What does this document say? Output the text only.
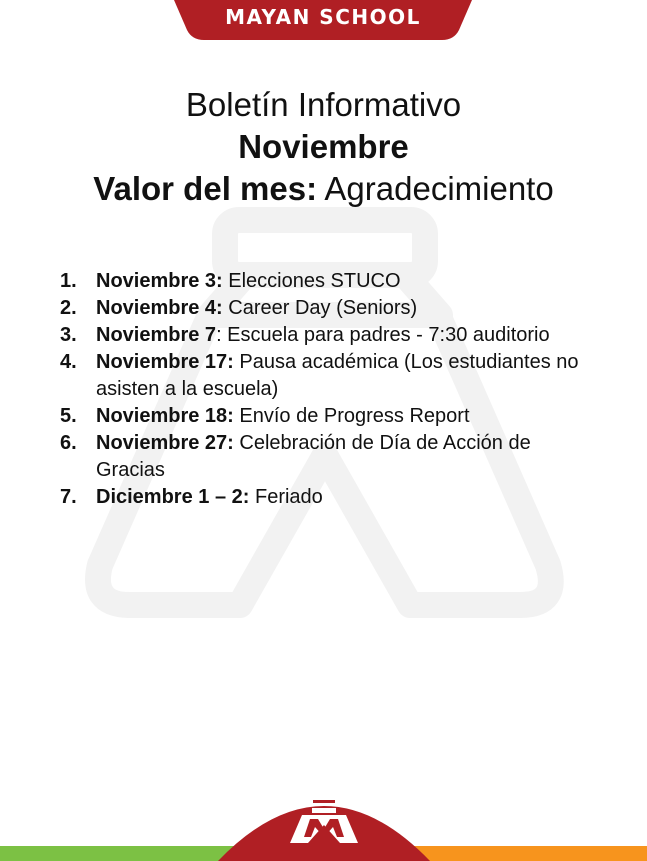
MAYAN SCHOOL
Boletín Informativo
Noviembre
Valor del mes: Agradecimiento
1. Noviembre 3: Elecciones STUCO
2. Noviembre 4: Career Day (Seniors)
3. Noviembre 7: Escuela para padres - 7:30 auditorio
4. Noviembre 17: Pausa académica (Los estudiantes no asisten a la escuela)
5. Noviembre 18: Envío de Progress Report
6. Noviembre 27: Celebración de Día de Acción de Gracias
7. Diciembre 1 – 2: Feriado
